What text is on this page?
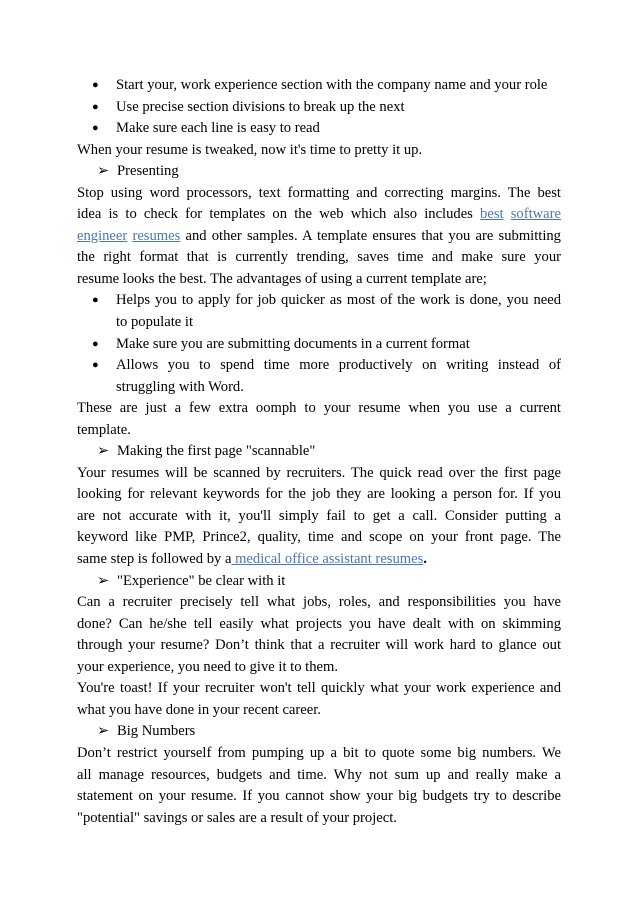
● Start your, work experience section with the company name and your role
● Use precise section divisions to break up the next
● Make sure each line is easy to read
When your resume is tweaked, now it's time to pretty it up.
➢ Presenting
Stop using word processors, text formatting and correcting margins. The best
idea is to check for templates on the web which also includes best software
engineer resumes and other samples. A template ensures that you are submitting
the right format that is currently trending, saves time and make sure your
resume looks the best. The advantages of using a current template are;
● Helps you to apply for job quicker as most of the work is done, you need
to populate it
● Make sure you are submitting documents in a current format
● Allows you to spend time more productively on writing instead of
struggling with Word.
These are just a few extra oomph to your resume when you use a current
template.
➢ Making the first page "scannable"
Your resumes will be scanned by recruiters. The quick read over the first page
looking for relevant keywords for the job they are looking a person for. If you
are not accurate with it, you'll simply fail to get a call. Consider putting a
keyword like PMP, Prince2, quality, time and scope on your front page. The
same step is followed by a medical office assistant resumes.
➢ "Experience" be clear with it
Can a recruiter precisely tell what jobs, roles, and responsibilities you have
done? Can he/she tell easily what projects you have dealt with on skimming
through your resume? Don’t think that a recruiter will work hard to glance out
your experience, you need to give it to them.
You're toast! If your recruiter won't tell quickly what your work experience and
what you have done in your recent career.
➢ Big Numbers
Don’t restrict yourself from pumping up a bit to quote some big numbers. We
all manage resources, budgets and time. Why not sum up and really make a
statement on your resume. If you cannot show your big budgets try to describe
"potential" savings or sales are a result of your project.
